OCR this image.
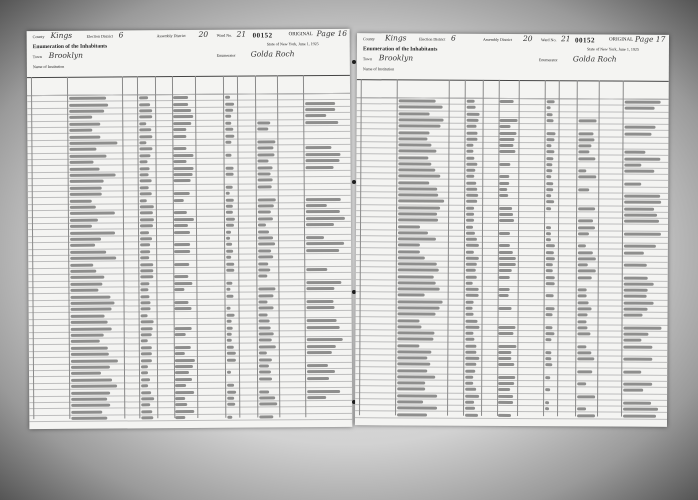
County Kings	Election District 6	Assembly District 20 Ward No. 21 00152	ORIGINAL Page 16
Enumeration of the Inhabitants	State of New York, June 1, 1925
Town Brooklyn	Enumerator Golda Roch
Name of Institution
County Kings	Election District 6	Assembly District 20 Ward No. 21 00152	ORIGINAL Page 17
Enumeration of the Inhabitants	State of New York, June 1, 1925
Town Brooklyn	Enumerator Golda Roch
Name of Institution
